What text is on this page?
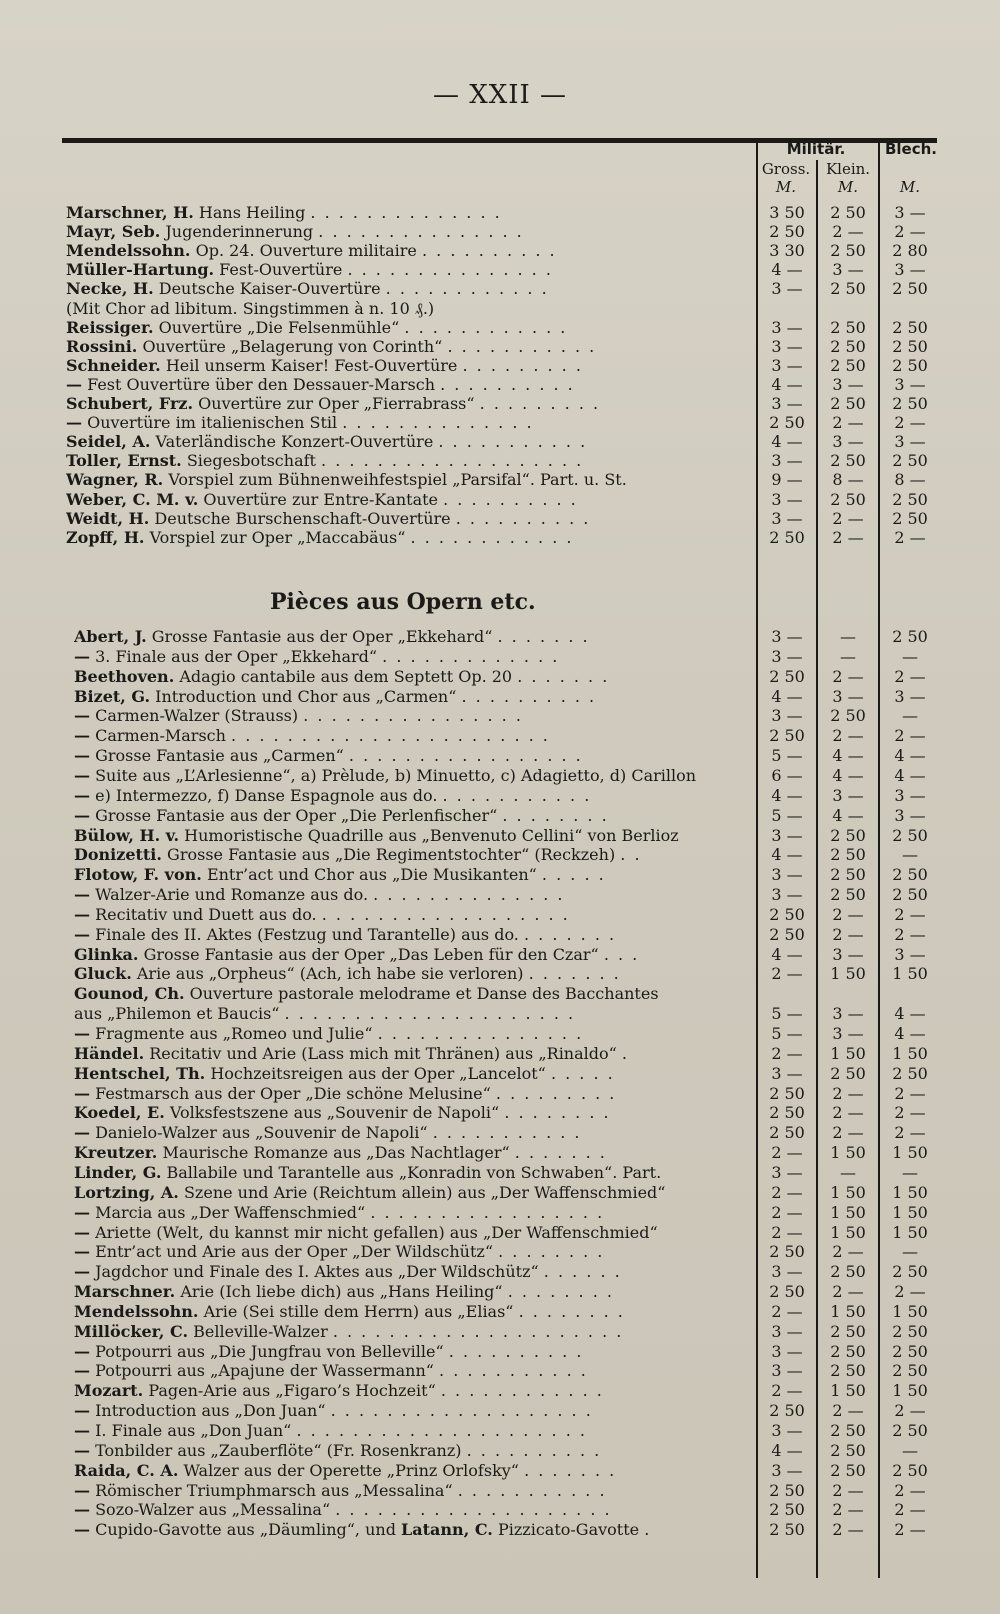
— XXII —
Militär.	Blech.
Gross.	Klein.
M.	M.	M.
Marschner, H. Hans Heiling . . . . . . . . . . . . . .	3 50	2 50	3 —
Mayr, Seb. Jugenderinnerung . . . . . . . . . . . . . . .	2 50	2 —	2 —
Mendelssohn. Op. 24. Ouverture militaire . . . . . . . . . .	3 30	2 50	2 80
Müller-Hartung. Fest-Ouvertüre . . . . . . . . . . . . . . .	4 —	3 —	3 —
Necke, H. Deutsche Kaiser-Ouvertüre . . . . . . . . . . . .	3 —	2 50	2 50
(Mit Chor ad libitum. Singstimmen à n. 10 ₰.)
Reissiger. Ouvertüre „Die Felsenmühle“ . . . . . . . . . . . .	3 —	2 50	2 50
Rossini. Ouvertüre „Belagerung von Corinth“ . . . . . . . . . . .	3 —	2 50	2 50
Schneider. Heil unserm Kaiser! Fest-Ouvertüre . . . . . . . . .	3 —	2 50	2 50
— Fest Ouvertüre über den Dessauer-Marsch . . . . . . . . . .	4 —	3 —	3 —
Schubert, Frz. Ouvertüre zur Oper „Fierrabrass“ . . . . . . . . .	3 —	2 50	2 50
— Ouvertüre im italienischen Stil . . . . . . . . . . . . . .	2 50	2 —	2 —
Seidel, A. Vaterländische Konzert-Ouvertüre . . . . . . . . . . .	4 —	3 —	3 —
Toller, Ernst. Siegesbotschaft . . . . . . . . . . . . . . . . . . .	3 —	2 50	2 50
Wagner, R. Vorspiel zum Bühnenweihfestspiel „Parsifal“. Part. u. St.	9 —	8 —	8 —
Weber, C. M. v. Ouvertüre zur Entre-Kantate . . . . . . . . . .	3 —	2 50	2 50
Weidt, H. Deutsche Burschenschaft-Ouvertüre . . . . . . . . . .	3 —	2 —	2 50
Zopff, H. Vorspiel zur Oper „Maccabäus“ . . . . . . . . . . . .	2 50	2 —	2 —
Pièces aus Opern etc.
Abert, J. Grosse Fantasie aus der Oper „Ekkehard“ . . . . . . .	3 —	—	2 50
— 3. Finale aus der Oper „Ekkehard“ . . . . . . . . . . . . .	3 —	—	—
Beethoven. Adagio cantabile aus dem Septett Op. 20 . . . . . . .	2 50	2 —	2 —
Bizet, G. Introduction und Chor aus „Carmen“ . . . . . . . . . .	4 —	3 —	3 —
— Carmen-Walzer (Strauss) . . . . . . . . . . . . . . . .	3 —	2 50	—
— Carmen-Marsch . . . . . . . . . . . . . . . . . . . . . . .	2 50	2 —	2 —
— Grosse Fantasie aus „Carmen“ . . . . . . . . . . . . . . . . .	5 —	4 —	4 —
— Suite aus „L’Arlesienne“, a) Prèlude, b) Minuetto, c) Adagietto, d) Carillon	6 —	4 —	4 —
— e) Intermezzo, f) Danse Espagnole aus do. . . . . . . . . . . .	4 —	3 —	3 —
— Grosse Fantasie aus der Oper „Die Perlenfischer“ . . . . . . . .	5 —	4 —	3 —
Bülow, H. v. Humoristische Quadrille aus „Benvenuto Cellini“ von Berlioz	3 —	2 50	2 50
Donizetti. Grosse Fantasie aus „Die Regimentstochter“ (Reckzeh) . .	4 —	2 50	—
Flotow, F. von. Entr’act und Chor aus „Die Musikanten“ . . . . .	3 —	2 50	2 50
— Walzer-Arie und Romanze aus do. . . . . . . . . . . . . . .	3 —	2 50	2 50
— Recitativ und Duett aus do. . . . . . . . . . . . . . . . . . .	2 50	2 —	2 —
— Finale des II. Aktes (Festzug und Tarantelle) aus do. . . . . . . .	2 50	2 —	2 —
Glinka. Grosse Fantasie aus der Oper „Das Leben für den Czar“ . . .	4 —	3 —	3 —
Gluck. Arie aus „Orpheus“ (Ach, ich habe sie verloren) . . . . . . .	2 —	1 50	1 50
Gounod, Ch. Ouverture pastorale melodrame et Danse des Bacchantes
aus „Philemon et Baucis“ . . . . . . . . . . . . . . . . . . . . .	5 —	3 —	4 —
— Fragmente aus „Romeo und Julie“ . . . . . . . . . . . . . . .	5 —	3 —	4 —
Händel. Recitativ und Arie (Lass mich mit Thränen) aus „Rinaldo“ .	2 —	1 50	1 50
Hentschel, Th. Hochzeitsreigen aus der Oper „Lancelot“ . . . . .	3 —	2 50	2 50
— Festmarsch aus der Oper „Die schöne Melusine“ . . . . . . . . .	2 50	2 —	2 —
Koedel, E. Volksfestszene aus „Souvenir de Napoli“ . . . . . . . .	2 50	2 —	2 —
— Danielo-Walzer aus „Souvenir de Napoli“ . . . . . . . . . . .	2 50	2 —	2 —
Kreutzer. Maurische Romanze aus „Das Nachtlager“ . . . . . . .	2 —	1 50	1 50
Linder, G. Ballabile und Tarantelle aus „Konradin von Schwaben“. Part.	3 —	—	—
Lortzing, A. Szene und Arie (Reichtum allein) aus „Der Waffenschmied“	2 —	1 50	1 50
— Marcia aus „Der Waffenschmied“ . . . . . . . . . . . . . . . . .	2 —	1 50	1 50
— Ariette (Welt, du kannst mir nicht gefallen) aus „Der Waffenschmied“	2 —	1 50	1 50
— Entr’act und Arie aus der Oper „Der Wildschütz“ . . . . . . . .	2 50	2 —	—
— Jagdchor und Finale des I. Aktes aus „Der Wildschütz“ . . . . . .	3 —	2 50	2 50
Marschner. Arie (Ich liebe dich) aus „Hans Heiling“ . . . . . . . .	2 50	2 —	2 —
Mendelssohn. Arie (Sei stille dem Herrn) aus „Elias“ . . . . . . . .	2 —	1 50	1 50
Millöcker, C. Belleville-Walzer . . . . . . . . . . . . . . . . . . . . .	3 —	2 50	2 50
— Potpourri aus „Die Jungfrau von Belleville“ . . . . . . . . . .	3 —	2 50	2 50
— Potpourri aus „Apajune der Wassermann“ . . . . . . . . . . .	3 —	2 50	2 50
Mozart. Pagen-Arie aus „Figaro’s Hochzeit“ . . . . . . . . . . . .	2 —	1 50	1 50
— Introduction aus „Don Juan“ . . . . . . . . . . . . . . . . . . .	2 50	2 —	2 —
— I. Finale aus „Don Juan“ . . . . . . . . . . . . . . . . . . . . .	3 —	2 50	2 50
— Tonbilder aus „Zauberflöte“ (Fr. Rosenkranz) . . . . . . . . . .	4 —	2 50	—
Raida, C. A. Walzer aus der Operette „Prinz Orlofsky“ . . . . . . .	3 —	2 50	2 50
— Römischer Triumphmarsch aus „Messalina“ . . . . . . . . . . .	2 50	2 —	2 —
— Sozo-Walzer aus „Messalina“ . . . . . . . . . . . . . . . . . . . .	2 50	2 —	2 —
— Cupido-Gavotte aus „Däumling“, und Latann, C. Pizzicato-Gavotte .	2 50	2 —	2 —
